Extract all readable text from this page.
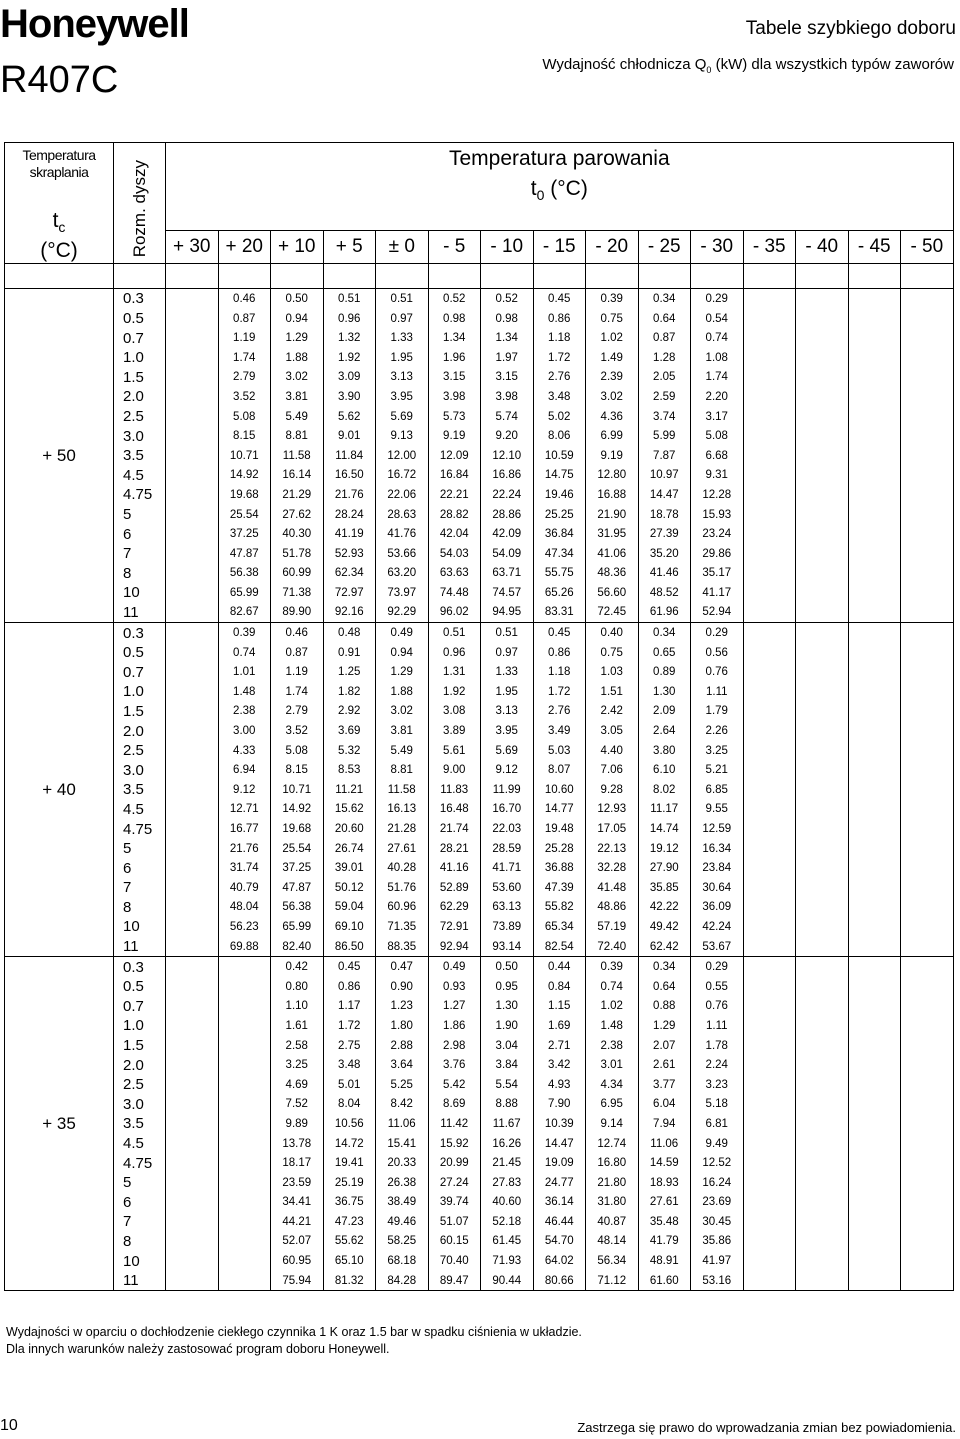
Honeywell
R407C
Tabele szybkiego doboru
Wydajność chłodnicza $Q_0$ (kW) dla wszystkich typów zaworów
Temperatura
skraplania
$t_c$
(°C)	Rozm. dyszy	Temperatura parowania
$t_0$ (°C)														

		+ 30	+ 20	+ 10	+ 5	± 0	- 5	- 10	- 15	- 20	- 25	- 30	- 35	- 40	- 45	- 50

+ 50	0.3		0.46	0.50	0.51	0.51	0.52	0.52	0.45	0.39	0.34	0.29				
	0.5		0.87	0.94	0.96	0.97	0.98	0.98	0.86	0.75	0.64	0.54				
	0.7		1.19	1.29	1.32	1.33	1.34	1.34	1.18	1.02	0.87	0.74				
	1.0		1.74	1.88	1.92	1.95	1.96	1.97	1.72	1.49	1.28	1.08				
	1.5		2.79	3.02	3.09	3.13	3.15	3.15	2.76	2.39	2.05	1.74				
	2.0		3.52	3.81	3.90	3.95	3.98	3.98	3.48	3.02	2.59	2.20				
	2.5		5.08	5.49	5.62	5.69	5.73	5.74	5.02	4.36	3.74	3.17				
	3.0		8.15	8.81	9.01	9.13	9.19	9.20	8.06	6.99	5.99	5.08				
	3.5		10.71	11.58	11.84	12.00	12.09	12.10	10.59	9.19	7.87	6.68				
	4.5		14.92	16.14	16.50	16.72	16.84	16.86	14.75	12.80	10.97	9.31				
	4.75		19.68	21.29	21.76	22.06	22.21	22.24	19.46	16.88	14.47	12.28				
	5		25.54	27.62	28.24	28.63	28.82	28.86	25.25	21.90	18.78	15.93				
	6		37.25	40.30	41.19	41.76	42.04	42.09	36.84	31.95	27.39	23.24				
	7		47.87	51.78	52.93	53.66	54.03	54.09	47.34	41.06	35.20	29.86				
	8		56.38	60.99	62.34	63.20	63.63	63.71	55.75	48.36	41.46	35.17				
	10		65.99	71.38	72.97	73.97	74.48	74.57	65.26	56.60	48.52	41.17				
	11		82.67	89.90	92.16	92.29	96.02	94.95	83.31	72.45	61.96	52.94				
+ 40	0.3		0.39	0.46	0.48	0.49	0.51	0.51	0.45	0.40	0.34	0.29				
	0.5		0.74	0.87	0.91	0.94	0.96	0.97	0.86	0.75	0.65	0.56				
	0.7		1.01	1.19	1.25	1.29	1.31	1.33	1.18	1.03	0.89	0.76				
	1.0		1.48	1.74	1.82	1.88	1.92	1.95	1.72	1.51	1.30	1.11				
	1.5		2.38	2.79	2.92	3.02	3.08	3.13	2.76	2.42	2.09	1.79				
	2.0		3.00	3.52	3.69	3.81	3.89	3.95	3.49	3.05	2.64	2.26				
	2.5		4.33	5.08	5.32	5.49	5.61	5.69	5.03	4.40	3.80	3.25				
	3.0		6.94	8.15	8.53	8.81	9.00	9.12	8.07	7.06	6.10	5.21				
	3.5		9.12	10.71	11.21	11.58	11.83	11.99	10.60	9.28	8.02	6.85				
	4.5		12.71	14.92	15.62	16.13	16.48	16.70	14.77	12.93	11.17	9.55				
	4.75		16.77	19.68	20.60	21.28	21.74	22.03	19.48	17.05	14.74	12.59				
	5		21.76	25.54	26.74	27.61	28.21	28.59	25.28	22.13	19.12	16.34				
	6		31.74	37.25	39.01	40.28	41.16	41.71	36.88	32.28	27.90	23.84				
	7		40.79	47.87	50.12	51.76	52.89	53.60	47.39	41.48	35.85	30.64				
	8		48.04	56.38	59.04	60.96	62.29	63.13	55.82	48.86	42.22	36.09				
	10		56.23	65.99	69.10	71.35	72.91	73.89	65.34	57.19	49.42	42.24				
	11		69.88	82.40	86.50	88.35	92.94	93.14	82.54	72.40	62.42	53.67				
+ 35	0.3			0.42	0.45	0.47	0.49	0.50	0.44	0.39	0.34	0.29				
	0.5			0.80	0.86	0.90	0.93	0.95	0.84	0.74	0.64	0.55				
	0.7			1.10	1.17	1.23	1.27	1.30	1.15	1.02	0.88	0.76				
	1.0			1.61	1.72	1.80	1.86	1.90	1.69	1.48	1.29	1.11				
	1.5			2.58	2.75	2.88	2.98	3.04	2.71	2.38	2.07	1.78				
	2.0			3.25	3.48	3.64	3.76	3.84	3.42	3.01	2.61	2.24				
	2.5			4.69	5.01	5.25	5.42	5.54	4.93	4.34	3.77	3.23				
	3.0			7.52	8.04	8.42	8.69	8.88	7.90	6.95	6.04	5.18				
	3.5			9.89	10.56	11.06	11.42	11.67	10.39	9.14	7.94	6.81				
	4.5			13.78	14.72	15.41	15.92	16.26	14.47	12.74	11.06	9.49				
	4.75			18.17	19.41	20.33	20.99	21.45	19.09	16.80	14.59	12.52				
	5			23.59	25.19	26.38	27.24	27.83	24.77	21.80	18.93	16.24				
	6			34.41	36.75	38.49	39.74	40.60	36.14	31.80	27.61	23.69				
	7			44.21	47.23	49.46	51.07	52.18	46.44	40.87	35.48	30.45				
	8			52.07	55.62	58.25	60.15	61.45	54.70	48.14	41.79	35.86				
	10			60.95	65.10	68.18	70.40	71.93	64.02	56.34	48.91	41.97				
	11			75.94	81.32	84.28	89.47	90.44	80.66	71.12	61.60	53.16				
Wydajności w oparciu o dochłodzenie ciekłego czynnika 1 K oraz 1.5 bar w spadku ciśnienia w układzie.
Dla innych warunków należy zastosować program doboru Honeywell.
10	Zastrzega się prawo do wprowadzania zmian bez powiadomienia.
